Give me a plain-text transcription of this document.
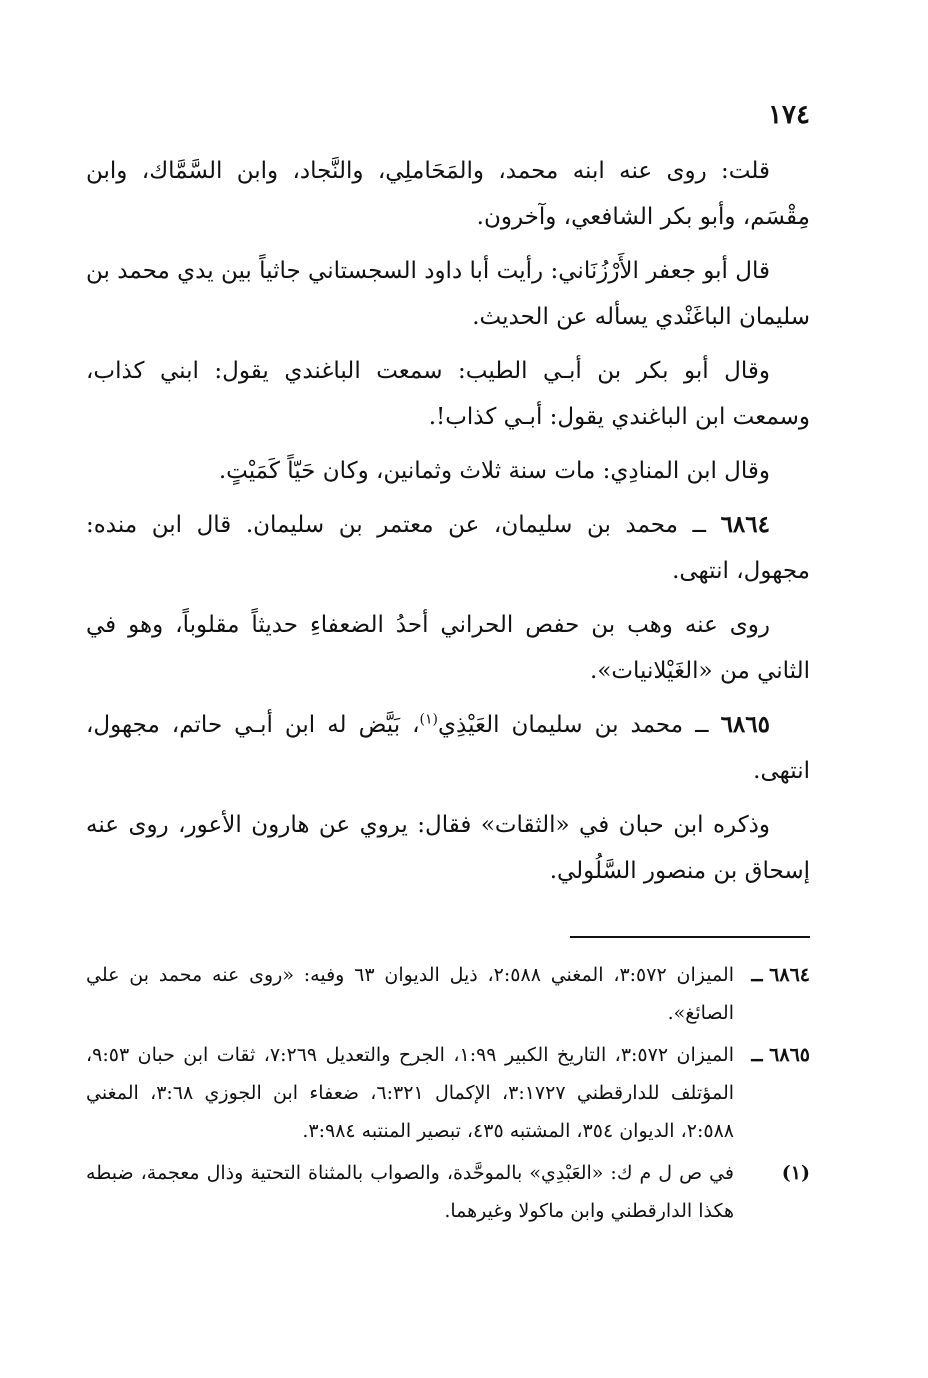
١٧٤

قلت: روى عنه ابنه محمد، والمَحَاملِي، والنَّجاد، وابن السَّمَّاك، وابن مِقْسَم، وأبو بكر الشافعي، وآخرون.

قال أبو جعفر الأَرْزُنَاني: رأيت أبا داود السجستاني جاثياً بين يدي محمد بن سليمان الباغَنْدي يسأله عن الحديث.

وقال أبو بكر بن أبـي الطيب: سمعت الباغندي يقول: ابني كذاب، وسمعت ابن الباغندي يقول: أبـي كذاب!.

وقال ابن المنادِي: مات سنة ثلاث وثمانين، وكان حَيّاً كَمَيْتٍ.

٦٨٦٤ ــ محمد بن سليمان، عن معتمر بن سليمان. قال ابن منده: مجهول، انتهى.

روى عنه وهب بن حفص الحراني أحدُ الضعفاءِ حديثاً مقلوباً، وهو في الثاني من «الغَيْلانيات».

٦٨٦٥ ــ محمد بن سليمان العَيْذِي$^{(١)}$، بَيَّض له ابن أبـي حاتم، مجهول، انتهى.

وذكره ابن حبان في «الثقات» فقال: يروي عن هارون الأعور، روى عنه إسحاق بن منصور السَّلُولي.

٦٨٦٤ ــ
الميزان ٣:٥٧٢، المغني ٢:٥٨٨، ذيل الديوان ٦٣ وفيه: «روى عنه محمد بن علي الصائغ».
٦٨٦٥ ــ
الميزان ٣:٥٧٢، التاريخ الكبير ١:٩٩، الجرح والتعديل ٧:٢٦٩، ثقات ابن حبان ٩:٥٣، المؤتلف للدارقطني ٣:١٧٢٧، الإكمال ٦:٣٢١، ضعفاء ابن الجوزي ٣:٦٨، المغني ٢:٥٨٨، الديوان ٣٥٤، المشتبه ٤٣٥، تبصير المنتبه ٣:٩٨٤.
(١)
في ص ل م ك: «العَبْدِي» بالموحَّدة، والصواب بالمثناة التحتية وذال معجمة، ضبطه هكذا الدارقطني وابن ماكولا وغيرهما.
